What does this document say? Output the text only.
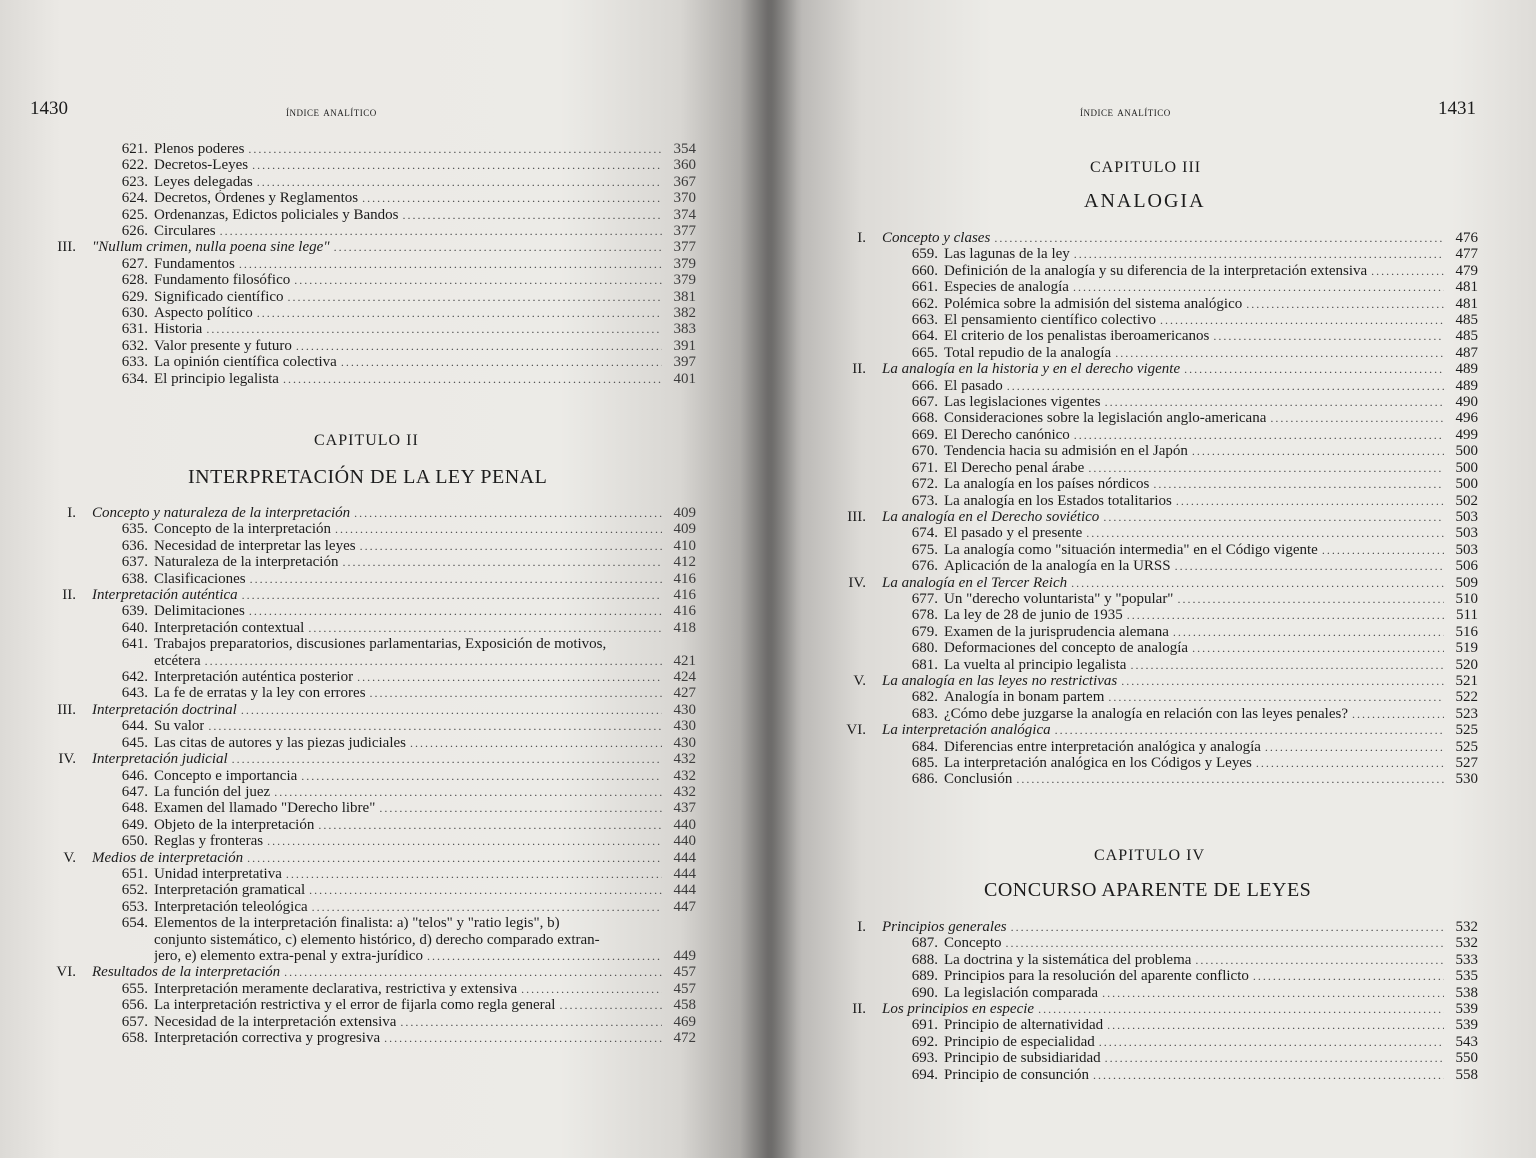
1430	índice analítico
621. Plenos poderes .....	354
622. Decretos-Leyes .....	360
623. Leyes delegadas .....	367
624. Decretos, Órdenes y Reglamentos .....	370
625. Ordenanzas, Edictos policiales y Bandos .....	374
626. Circulares .....	377
III.	"Nullum crimen, nulla poena sine lege" .....	377
627. Fundamentos .....	379
628. Fundamento filosófico .....	379
629. Significado científico .....	381
630. Aspecto político .....	382
631. Historia .....	383
632. Valor presente y futuro .....	391
633. La opinión científica colectiva .....	397
634. El principio legalista .....	401
CAPITULO II
INTERPRETACIÓN DE LA LEY PENAL
I.	Concepto y naturaleza de la interpretación .....	409
635. Concepto de la interpretación .....	409
636. Necesidad de interpretar las leyes .....	410
637. Naturaleza de la interpretación .....	412
638. Clasificaciones .....	416
II.	Interpretación auténtica .....	416
639. Delimitaciones .....	416
640. Interpretación contextual .....	418
641. Trabajos preparatorios, discusiones parlamentarias, Exposición de motivos,
etcétera .....	421
642. Interpretación auténtica posterior .....	424
643. La fe de erratas y la ley con errores .....	427
III.	Interpretación doctrinal .....	430
644. Su valor .....	430
645. Las citas de autores y las piezas judiciales .....	430
IV.	Interpretación judicial .....	432
646. Concepto e importancia .....	432
647. La función del juez .....	432
648. Examen del llamado "Derecho libre" .....	437
649. Objeto de la interpretación .....	440
650. Reglas y fronteras .....	440
V.	Medios de interpretación .....	444
651. Unidad interpretativa .....	444
652. Interpretación gramatical .....	444
653. Interpretación teleológica .....	447
654. Elementos de la interpretación finalista: a) "telos" y "ratio legis", b)
conjunto sistemático, c) elemento histórico, d) derecho comparado extran-
jero, e) elemento extra-penal y extra-jurídico .....	449
VI.	Resultados de la interpretación .....	457
655. Interpretación meramente declarativa, restrictiva y extensiva .....	457
656. La interpretación restrictiva y el error de fijarla como regla general .....	458
657. Necesidad de la interpretación extensiva .....	469
658. Interpretación correctiva y progresiva .....	472
índice analítico	1431
CAPITULO III
ANALOGIA
I.	Concepto y clases .....	476
659. Las lagunas de la ley .....	477
660. Definición de la analogía y su diferencia de la interpretación extensiva .....	479
661. Especies de analogía .....	481
662. Polémica sobre la admisión del sistema analógico .....	481
663. El pensamiento científico colectivo .....	485
664. El criterio de los penalistas iberoamericanos .....	485
665. Total repudio de la analogía .....	487
II.	La analogía en la historia y en el derecho vigente .....	489
666. El pasado .....	489
667. Las legislaciones vigentes .....	490
668. Consideraciones sobre la legislación anglo-americana .....	496
669. El Derecho canónico .....	499
670. Tendencia hacia su admisión en el Japón .....	500
671. El Derecho penal árabe .....	500
672. La analogía en los países nórdicos .....	500
673. La analogía en los Estados totalitarios .....	502
III.	La analogía en el Derecho soviético .....	503
674. El pasado y el presente .....	503
675. La analogía como "situación intermedia" en el Código vigente .....	503
676. Aplicación de la analogía en la URSS .....	506
IV.	La analogía en el Tercer Reich .....	509
677. Un "derecho voluntarista" y "popular" .....	510
678. La ley de 28 de junio de 1935 .....	511
679. Examen de la jurisprudencia alemana .....	516
680. Deformaciones del concepto de analogía .....	519
681. La vuelta al principio legalista .....	520
V.	La analogía en las leyes no restrictivas .....	521
682. Analogía in bonam partem .....	522
683. ¿Cómo debe juzgarse la analogía en relación con las leyes penales? .....	523
VI.	La interpretación analógica .....	525
684. Diferencias entre interpretación analógica y analogía .....	525
685. La interpretación analógica en los Códigos y Leyes .....	527
686. Conclusión .....	530
CAPITULO IV
CONCURSO APARENTE DE LEYES
I.	Principios generales .....	532
687. Concepto .....	532
688. La doctrina y la sistemática del problema .....	533
689. Principios para la resolución del aparente conflicto .....	535
690. La legislación comparada .....	538
II.	Los principios en especie .....	539
691. Principio de alternatividad .....	539
692. Principio de especialidad .....	543
693. Principio de subsidiaridad .....	550
694. Principio de consunción .....	558
